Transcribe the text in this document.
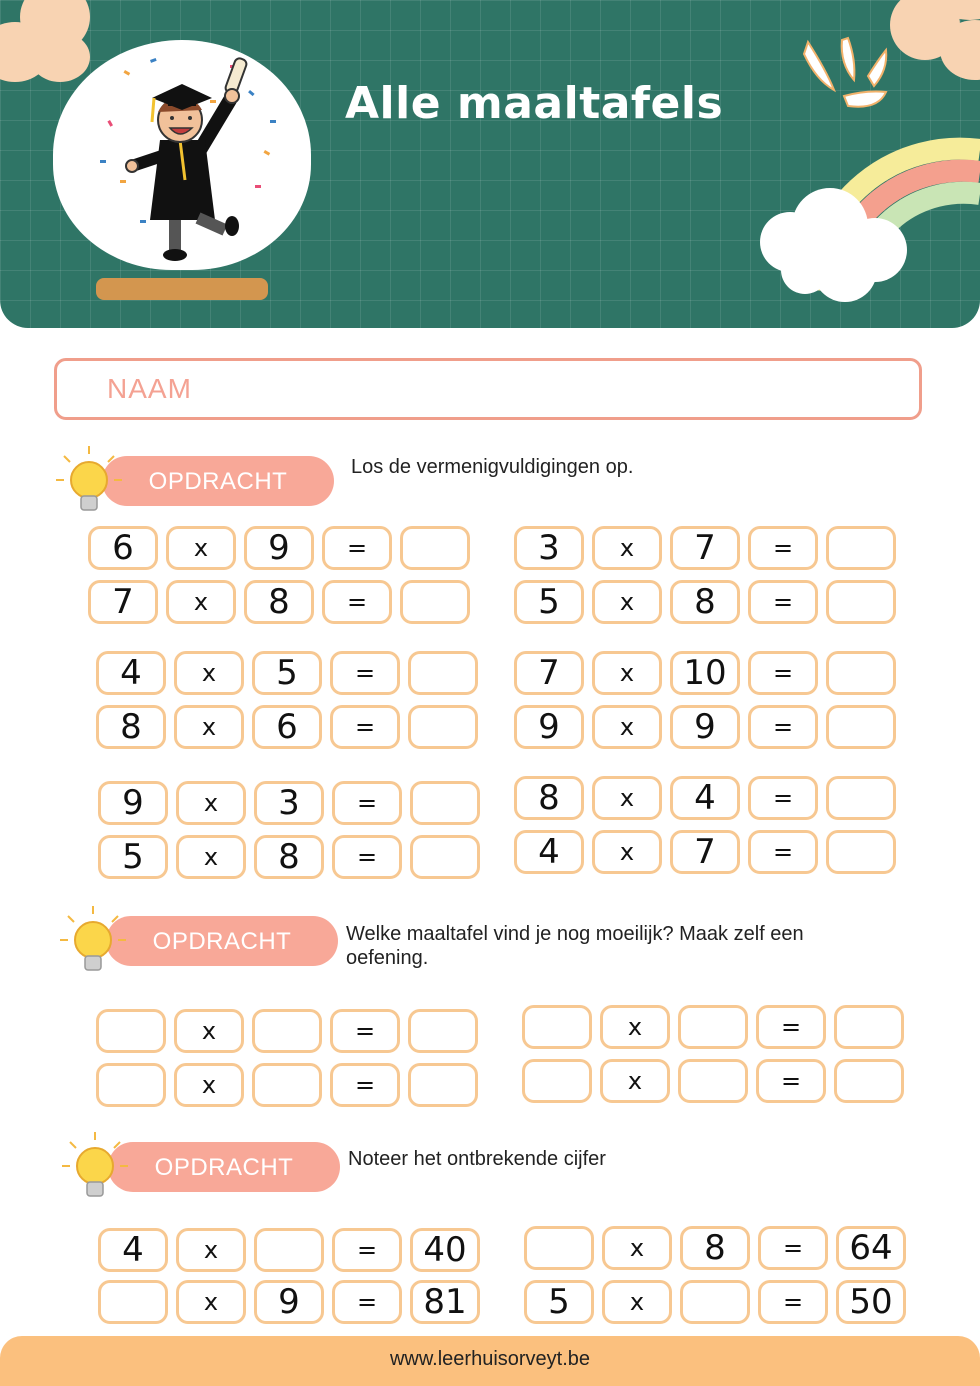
Alle maaltafels
NAAM
OPDRACHT
Los de vermenigvuldigingen op.
OPDRACHT	Welke maaltafel vind je nog moeilijk? Maak zelf een oefening.
OPDRACHT	Noteer het ontbrekende cijfer
6	x	9	=
7	x	8	=
3	x	7	=
5	x	8	=
4	x	5	=
8	x	6	=
7	x	10	=
9	x	9	=
9	x	3	=
5	x	8	=
8	x	4	=
4	x	7	=
x	=
x	=
x	=
x	=
4	x	=	40
x	9	=	81
x	8	=	64
5	x	=	50
www.leerhuisorveyt.be
